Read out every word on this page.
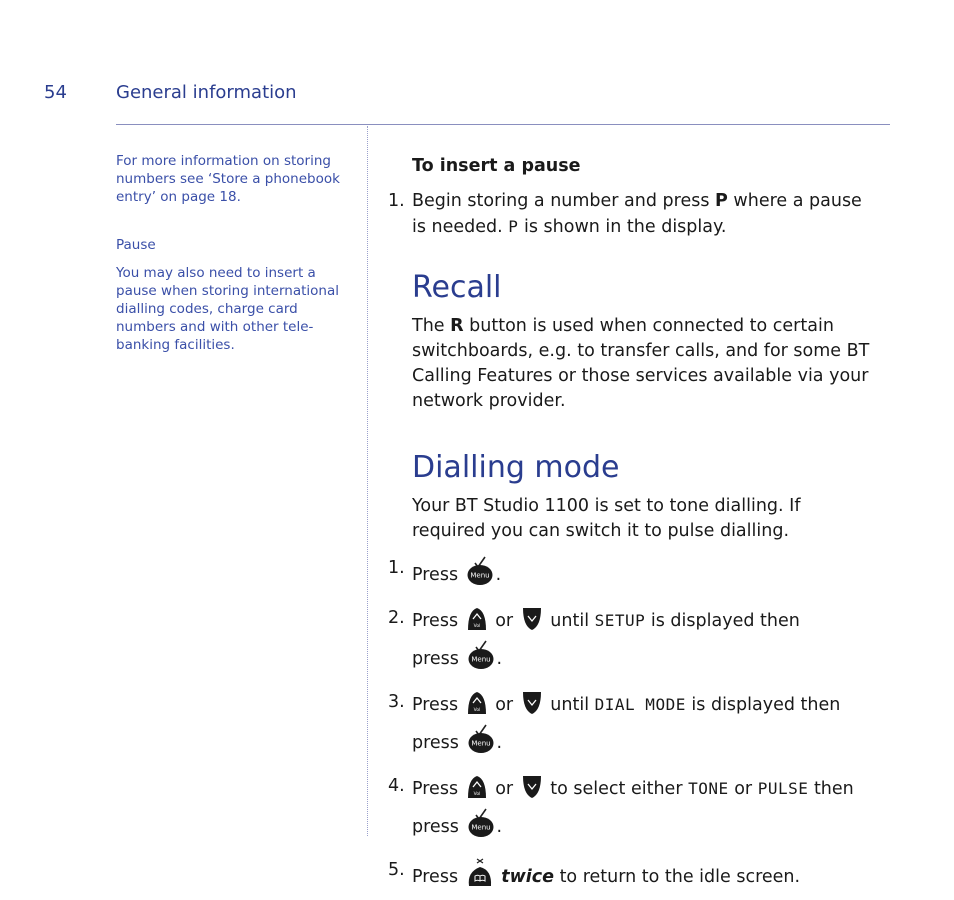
54	General information

For more information on storing numbers see ‘Store a phonebook entry’ on page 18.

Pause

You may also need to insert a pause when storing international dialling codes, charge card numbers and with other tele-banking facilities.

To insert a pause

1. Begin storing a number and press P where a pause is needed. P is shown in the display.
Recall

The R button is used when connected to certain switchboards, e.g. to transfer calls, and for some BT Calling Features or those services available via your network provider.

Dialling mode

Your BT Studio 1100 is set to tone dialling. If required you can switch it to pulse dialling.

1. Press Menu .
2. Press	Vol or until SETUP is displayed then
press Menu .
3. Press	Vol or until DIAL MODE is displayed then
press Menu .
4. Press	Vol or to select either TONE or PULSE then
press Menu .
5. Press twice to return to the idle screen.
